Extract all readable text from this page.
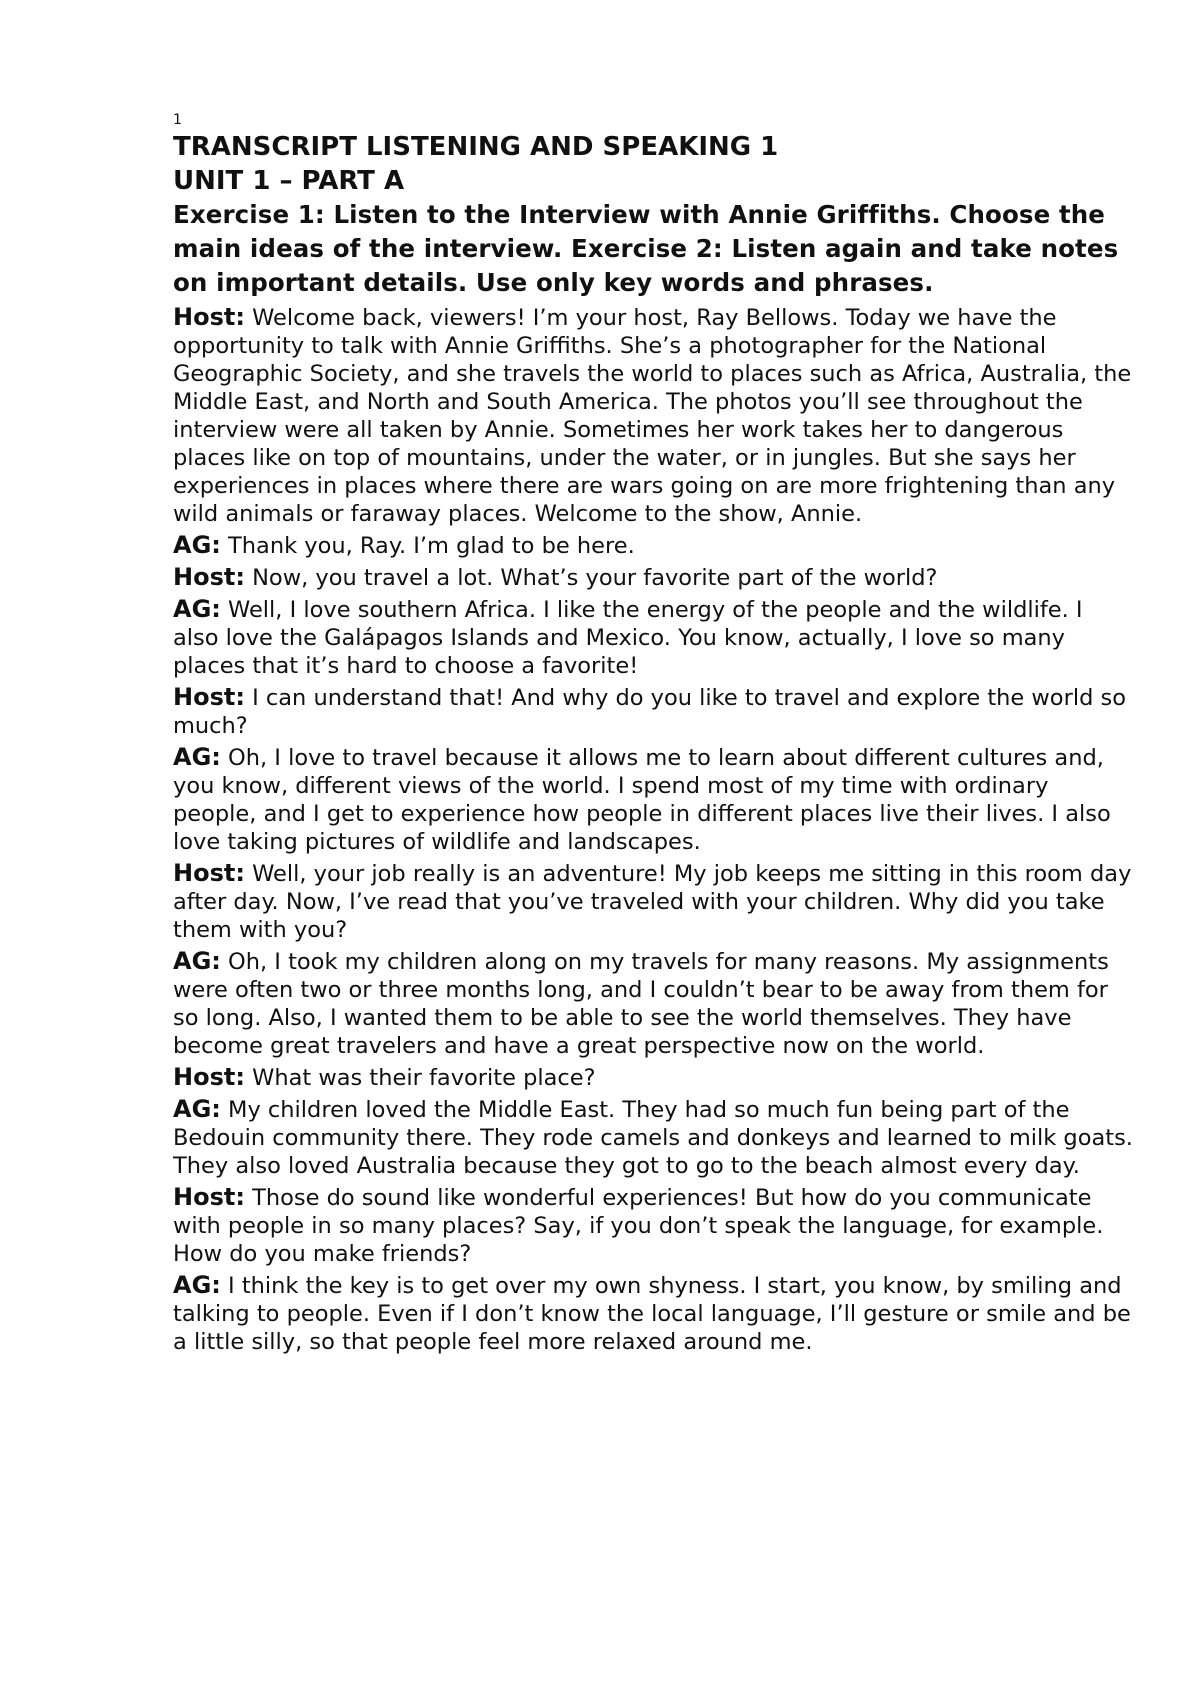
1
TRANSCRIPT LISTENING AND SPEAKING 1
UNIT 1 – PART A

Exercise 1: Listen to the Interview with Annie Griffiths. Choose the main ideas of the interview. Exercise 2: Listen again and take notes on important details. Use only key words and phrases.

Host: Welcome back, viewers! I’m your host, Ray Bellows. Today we have the opportunity to talk with Annie Griffiths. She’s a photographer for the National Geographic Society, and she travels the world to places such as Africa, Australia, the Middle East, and North and South America. The photos you’ll see throughout the interview were all taken by Annie. Sometimes her work takes her to dangerous places like on top of mountains, under the water, or in jungles. But she says her experiences in places where there are wars going on are more frightening than any wild animals or faraway places. Welcome to the show, Annie.

AG: Thank you, Ray. I’m glad to be here.

Host: Now, you travel a lot. What’s your favorite part of the world?

AG: Well, I love southern Africa. I like the energy of the people and the wildlife. I also love the Galápagos Islands and Mexico. You know, actually, I love so many places that it’s hard to choose a favorite!

Host: I can understand that! And why do you like to travel and explore the world so much?

AG: Oh, I love to travel because it allows me to learn about different cultures and, you know, different views of the world. I spend most of my time with ordinary people, and I get to experience how people in different places live their lives. I also love taking pictures of wildlife and landscapes.

Host: Well, your job really is an adventure! My job keeps me sitting in this room day after day. Now, I’ve read that you’ve traveled with your children. Why did you take them with you?

AG: Oh, I took my children along on my travels for many reasons. My assignments were often two or three months long, and I couldn’t bear to be away from them for so long. Also, I wanted them to be able to see the world themselves. They have become great travelers and have a great perspective now on the world.

Host: What was their favorite place?

AG: My children loved the Middle East. They had so much fun being part of the Bedouin community there. They rode camels and donkeys and learned to milk goats. They also loved Australia because they got to go to the beach almost every day.

Host: Those do sound like wonderful experiences! But how do you communicate with people in so many places? Say, if you don’t speak the language, for example. How do you make friends?

AG: I think the key is to get over my own shyness. I start, you know, by smiling and talking to people. Even if I don’t know the local language, I’ll gesture or smile and be a little silly, so that people feel more relaxed around me.
